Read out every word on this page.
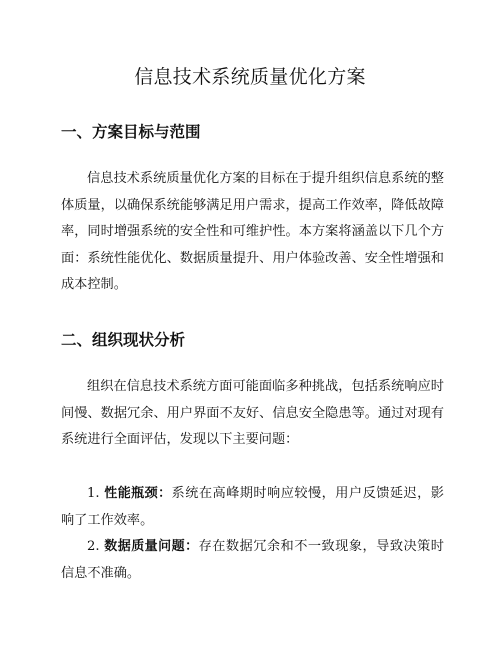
信息技术系统质量优化方案
一、方案目标与范围
信息技术系统质量优化方案的目标在于提升组织信息系统的整体质量，以确保系统能够满足用户需求，提高工作效率，降低故障率，同时增强系统的安全性和可维护性。本方案将涵盖以下几个方面：系统性能优化、数据质量提升、用户体验改善、安全性增强和成本控制。
二、组织现状分析
组织在信息技术系统方面可能面临多种挑战，包括系统响应时间慢、数据冗余、用户界面不友好、信息安全隐患等。通过对现有系统进行全面评估，发现以下主要问题：
1. 性能瓶颈：系统在高峰期时响应较慢，用户反馈延迟，影响了工作效率。
2. 数据质量问题：存在数据冗余和不一致现象，导致决策时信息不准确。
